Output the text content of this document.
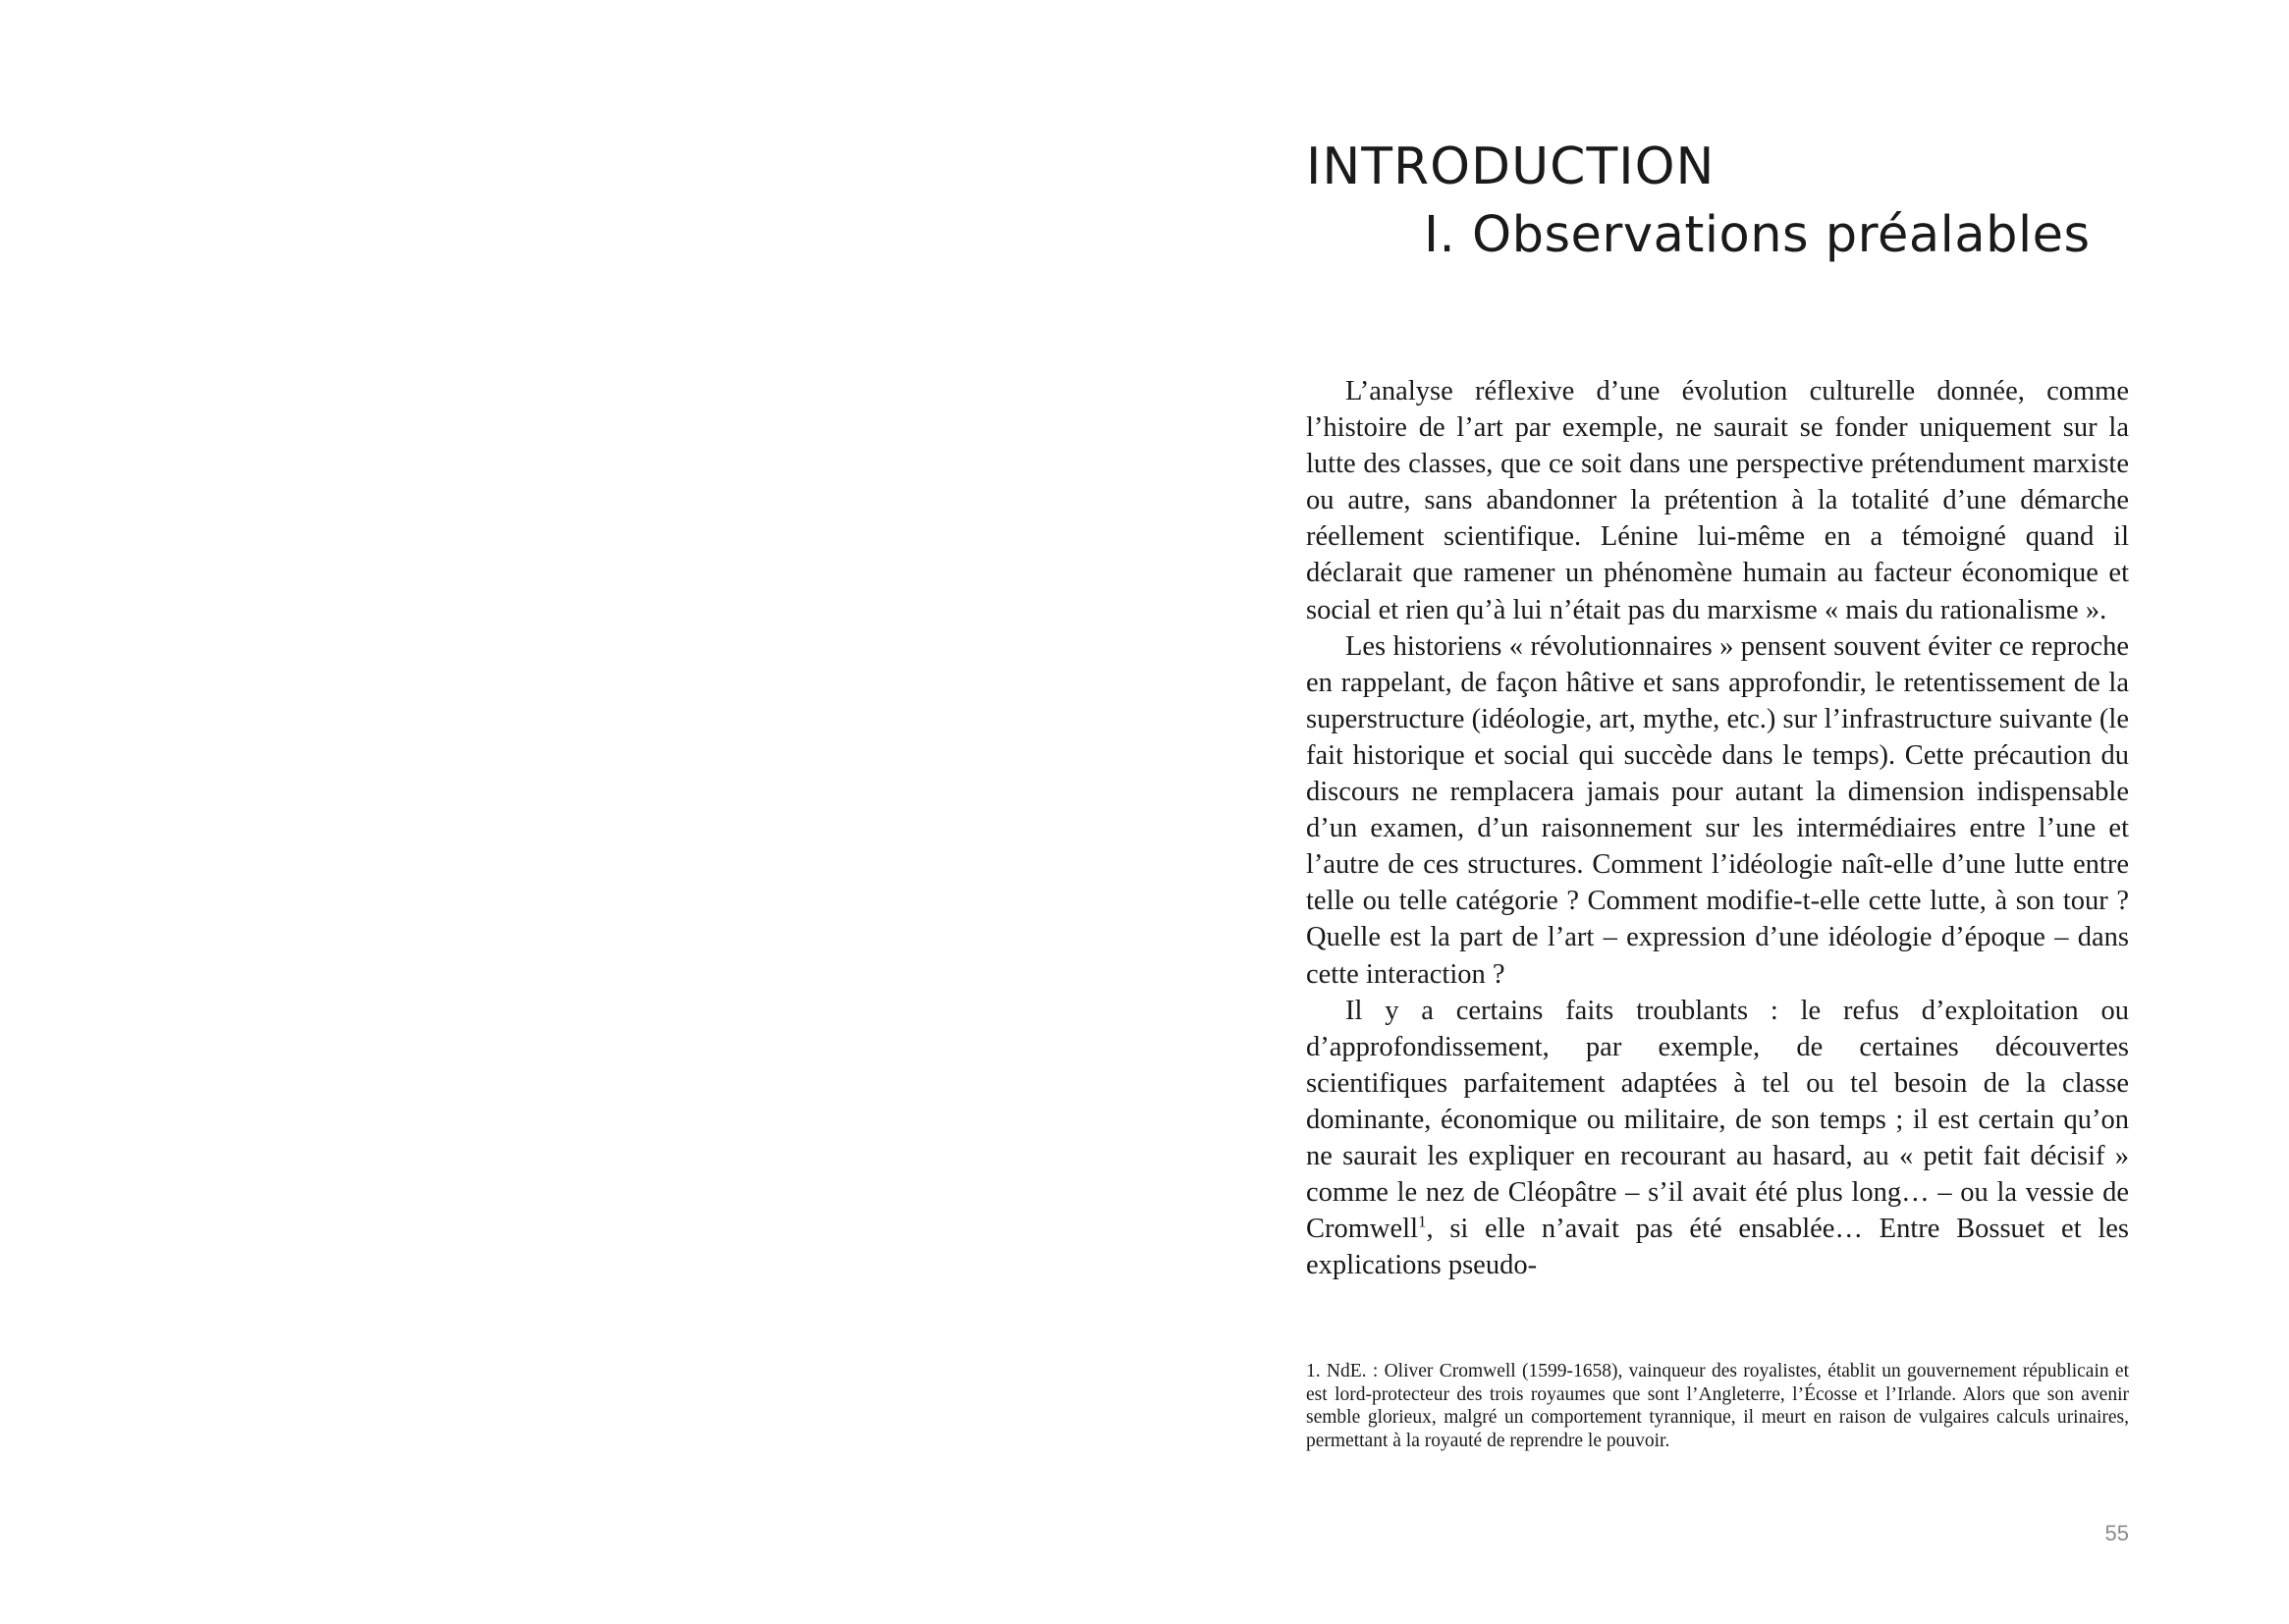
INTRODUCTION
I. Observations préalables

L’analyse réflexive d’une évolution culturelle donnée, comme l’histoire de l’art par exemple, ne saurait se fonder uniquement sur la lutte des classes, que ce soit dans une perspective prétendument marxiste ou autre, sans abandonner la prétention à la totalité d’une démarche réellement scientifique. Lénine lui-même en a témoigné quand il déclarait que ramener un phénomène humain au facteur économique et social et rien qu’à lui n’était pas du marxisme « mais du rationalisme ».

Les historiens « révolutionnaires » pensent souvent éviter ce reproche en rappelant, de façon hâtive et sans approfondir, le retentissement de la superstructure (idéologie, art, mythe, etc.) sur l’infrastructure suivante (le fait historique et social qui succède dans le temps). Cette précaution du discours ne remplacera jamais pour autant la dimension indispensable d’un examen, d’un raisonnement sur les intermédiaires entre l’une et l’autre de ces structures. Comment l’idéologie naît-elle d’une lutte entre telle ou telle catégorie ? Comment modifie-t-elle cette lutte, à son tour ? Quelle est la part de l’art – expression d’une idéologie d’époque – dans cette interaction ?

Il y a certains faits troublants : le refus d’exploitation ou d’approfondissement, par exemple, de certaines découvertes scientifiques parfaitement adaptées à tel ou tel besoin de la classe dominante, économique ou militaire, de son temps ; il est certain qu’on ne saurait les expliquer en recourant au hasard, au « petit fait décisif » comme le nez de Cléopâtre – s’il avait été plus long… – ou la vessie de Cromwell$^1$, si elle n’avait pas été ensablée… Entre Bossuet et les explications pseudo-

1. NdE. : Oliver Cromwell (1599-1658), vainqueur des royalistes, établit un gouvernement républicain et est lord-protecteur des trois royaumes que sont l’Angleterre, l’Écosse et l’Irlande. Alors que son avenir semble glorieux, malgré un comportement tyrannique, il meurt en raison de vulgaires calculs urinaires, permettant à la royauté de reprendre le pouvoir.

55
